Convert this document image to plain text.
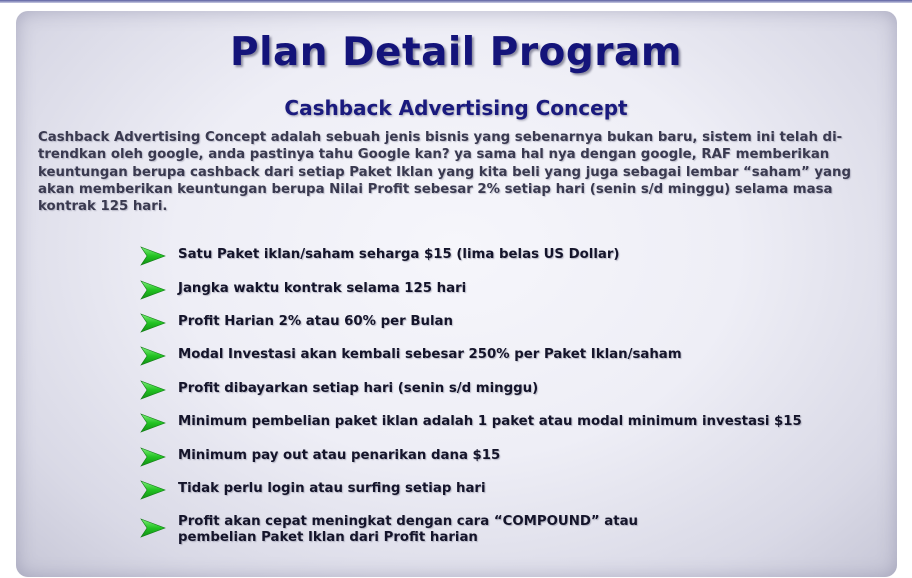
Plan Detail Program
Cashback Advertising Concept
Cashback Advertising Concept adalah sebuah jenis bisnis yang sebenarnya bukan baru, sistem ini telah di-trendkan oleh google, anda pastinya tahu Google kan? ya sama hal nya dengan google, RAF memberikan keuntungan berupa cashback dari setiap Paket Iklan yang kita beli yang juga sebagai lembar “saham” yang akan memberikan keuntungan berupa Nilai Profit sebesar 2% setiap hari (senin s/d minggu) selama masa kontrak 125 hari.
Satu Paket iklan/saham seharga $15 (lima belas US Dollar)
Jangka waktu kontrak selama 125 hari
Profit Harian 2% atau 60% per Bulan
Modal Investasi akan kembali sebesar 250% per Paket Iklan/saham
Profit dibayarkan setiap hari (senin s/d minggu)
Minimum pembelian paket iklan adalah 1 paket atau modal minimum investasi $15
Minimum pay out atau penarikan dana $15
Tidak perlu login atau surfing setiap hari
Profit akan cepat meningkat dengan cara “COMPOUND” atau
pembelian Paket Iklan dari Profit harian
